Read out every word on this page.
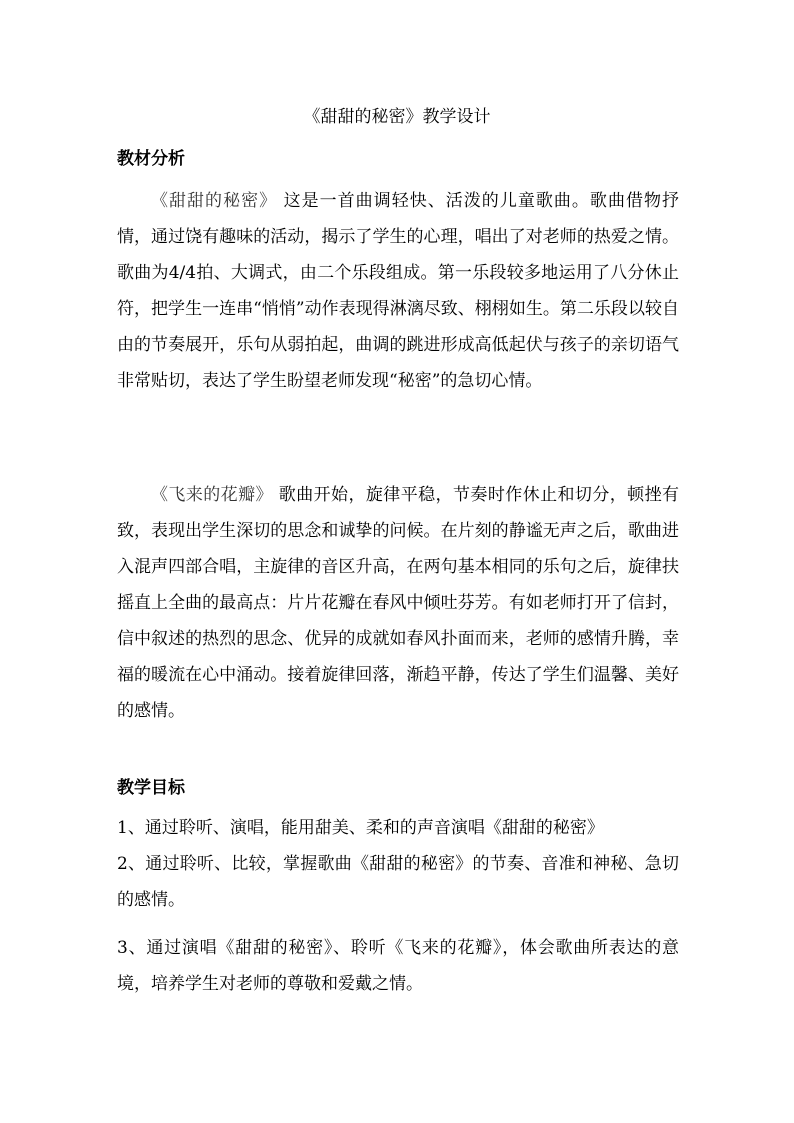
《甜甜的秘密》教学设计
教材分析

《甜甜的秘密》 这是一首曲调轻快、活泼的儿童歌曲。歌曲借物抒情，通过饶有趣味的活动，揭示了学生的心理，唱出了对老师的热爱之情。歌曲为4/4拍、大调式，由二个乐段组成。第一乐段较多地运用了八分休止符，把学生一连串“悄悄”动作表现得淋漓尽致、栩栩如生。第二乐段以较自由的节奏展开，乐句从弱拍起，曲调的跳进形成高低起伏与孩子的亲切语气非常贴切，表达了学生盼望老师发现“秘密”的急切心情。

《飞来的花瓣》 歌曲开始，旋律平稳，节奏时作休止和切分，顿挫有致，表现出学生深切的思念和诚挚的问候。在片刻的静谧无声之后，歌曲进入混声四部合唱，主旋律的音区升高，在两句基本相同的乐句之后，旋律扶摇直上全曲的最高点：片片花瓣在春风中倾吐芬芳。有如老师打开了信封，信中叙述的热烈的思念、优异的成就如春风扑面而来，老师的感情升腾，幸福的暖流在心中涌动。接着旋律回落，渐趋平静，传达了学生们温馨、美好的感情。

教学目标

1、通过聆听、演唱，能用甜美、柔和的声音演唱《甜甜的秘密》

2、通过聆听、比较，掌握歌曲《甜甜的秘密》的节奏、音准和神秘、急切的感情。

3、通过演唱《甜甜的秘密》、聆听《飞来的花瓣》，体会歌曲所表达的意境，培养学生对老师的尊敬和爱戴之情。
